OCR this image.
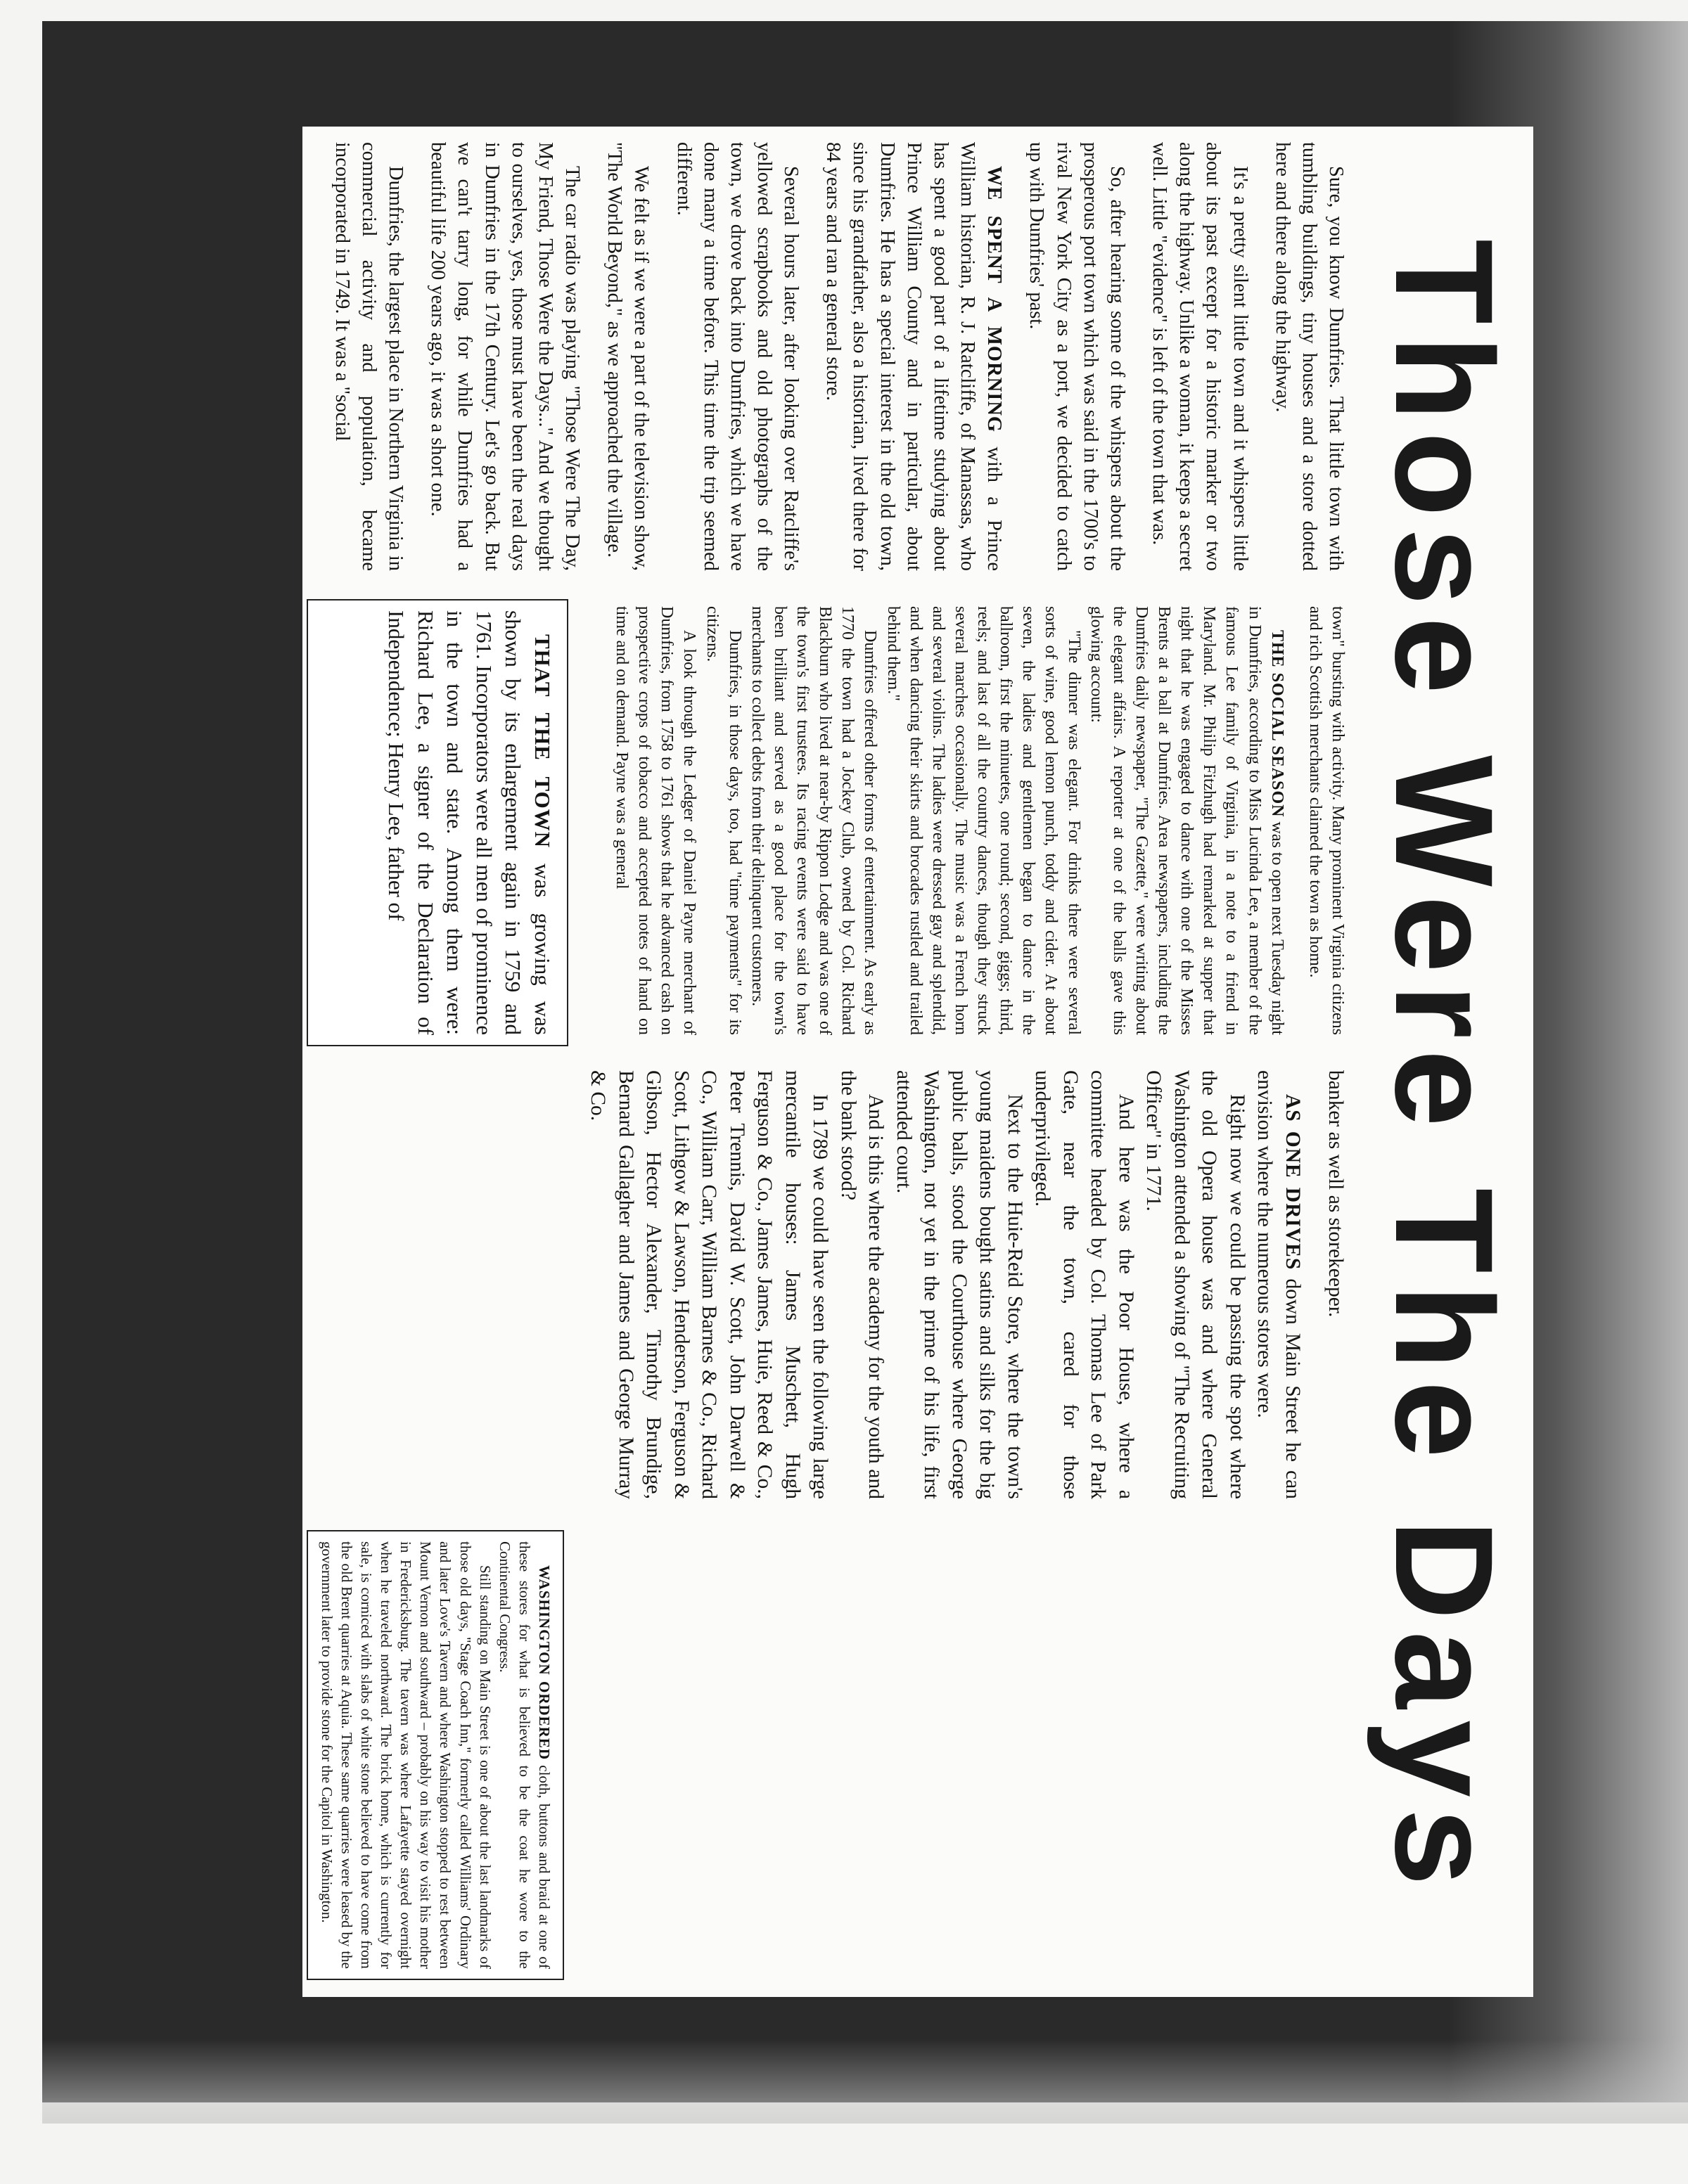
Those Were The Days

Sure, you know Dumfries. That little town with tumbling buildings, tiny houses and a store dotted here and there along the highway.

It's a pretty silent little town and it whispers little about its past except for a historic marker or two along the highway. Unlike a woman, it keeps a secret well. Little "evidence" is left of the town that was.

So, after hearing some of the whispers about the prosperous port town which was said in the 1700's to rival New York City as a port, we decided to catch up with Dumfries' past.

WE SPENT A MORNING with a Prince William historian, R. J. Ratcliffe, of Manassas, who has spent a good part of a lifetime studying about Prince William County and in particular, about Dumfries. He has a special interest in the old town, since his grandfather, also a historian, lived there for 84 years and ran a general store.

Several hours later, after looking over Ratcliffe's yellowed scrapbooks and old photographs of the town, we drove back into Dumfries, which we have done many a time before. This time the trip seemed different.

We felt as if we were a part of the television show, "The World Beyond," as we approached the village.

The car radio was playing "Those Were The Day, My Friend, Those Were the Days..." And we thought to ourselves, yes, those must have been the real days in Dumfries in the 17th Century. Let's go back. But we can't tarry long, for while Dumfries had a beautiful life 200 years ago, it was a short one.

Dumfries, the largest place in Northern Virginia in commercial activity and population, became incorporated in 1749. It was a "social

town" bursting with activity. Many prominent Virginia citizens and rich Scottish merchants claimed the town as home.

THE SOCIAL SEASON was to open next Tuesday night in Dumfries, according to Miss Lucinda Lee, a member of the famous Lee family of Virginia, in a note to a friend in Maryland. Mr. Philip Fitzhugh had remarked at supper that night that he was engaged to dance with one of the Misses Brents at a ball at Dumfries. Area newspapers, including the Dumfries daily newspaper, "The Gazette," were writing about the elegant affairs. A reporter at one of the balls gave this glowing account:

"The dinner was elegant. For drinks there were several sorts of wine, good lemon punch, toddy and cider. At about seven, the ladies and gentlemen began to dance in the ballroom, first the minuetes, one round; second, giggs; third, reels; and last of all the country dances, though they struck several marches occasionally. The music was a French horn and several violins. The ladies were dressed gay and splendid, and when dancing their skirts and brocades rustled and trailed behind them."

Dumfries offered other forms of entertainment. As early as 1770 the town had a Jockey Club, owned by Col. Richard Blackburn who lived at near-by Rippon Lodge and was one of the town's first trustees. Its racing events were said to have been brilliant and served as a good place for the town's merchants to collect debts from their delinquent customers.

Dumfries, in those days, too, had "time payments" for its citizens.

A look through the Ledger of Daniel Payne merchant of Dumfries, from 1758 to 1761 shows that he advanced cash on prospective crops of tobacco and accepted notes of hand on time and on demand. Payne was a general

THAT THE TOWN was growing was shown by its enlargement again in 1759 and 1761. Incorporators were all men of prominence in the town and state. Among them were: Richard Lee, a signer of the Declaration of Independence; Henry Lee, father of

banker as well as storekeeper.

AS ONE DRIVES down Main Street he can envision where the numerous stores were.

Right now we could be passing the spot where the old Opera house was and where General Washington attended a showing of "The Recruiting Officer" in 1771.

And here was the Poor House, where a committee headed by Col. Thomas Lee of Park Gate, near the town, cared for those underprivileged.

Next to the Huie-Reid Store, where the town's young maidens bought satins and silks for the big public balls, stood the Courthouse where George Washington, not yet in the prime of his life, first attended court.

And is this where the academy for the youth and the bank stood?

In 1789 we could have seen the following large mercantile houses: James Muschett, Hugh Ferguson & Co., James James, Huie, Reed & Co., Peter Trennis, David W. Scott, John Darwell & Co., William Carr, William Barnes & Co., Richard Scott, Lithgow & Lawson, Henderson, Ferguson & Gibson, Hector Alexander, Timothy Brundige, Bernard Gallagher and James and George Murray & Co.

WASHINGTON ORDERED cloth, buttons and braid at one of these stores for what is believed to be the coat he wore to the Continental Congress.

Still standing on Main Street is one of about the last landmarks of those old days, "Stage Coach Inn," formerly called Williams' Ordinary and later Love's Tavern and where Washington stopped to rest between Mount Vernon and southward – probably on his way to visit his mother in Fredericksburg. The tavern was where Lafayette stayed overnight when he traveled northward. The brick home, which is currently for sale, is corniced with slabs of white stone believed to have come from the old Brent quarries at Aquia. These same quarries were leased by the government later to provide stone for the Capitol in Washington.
